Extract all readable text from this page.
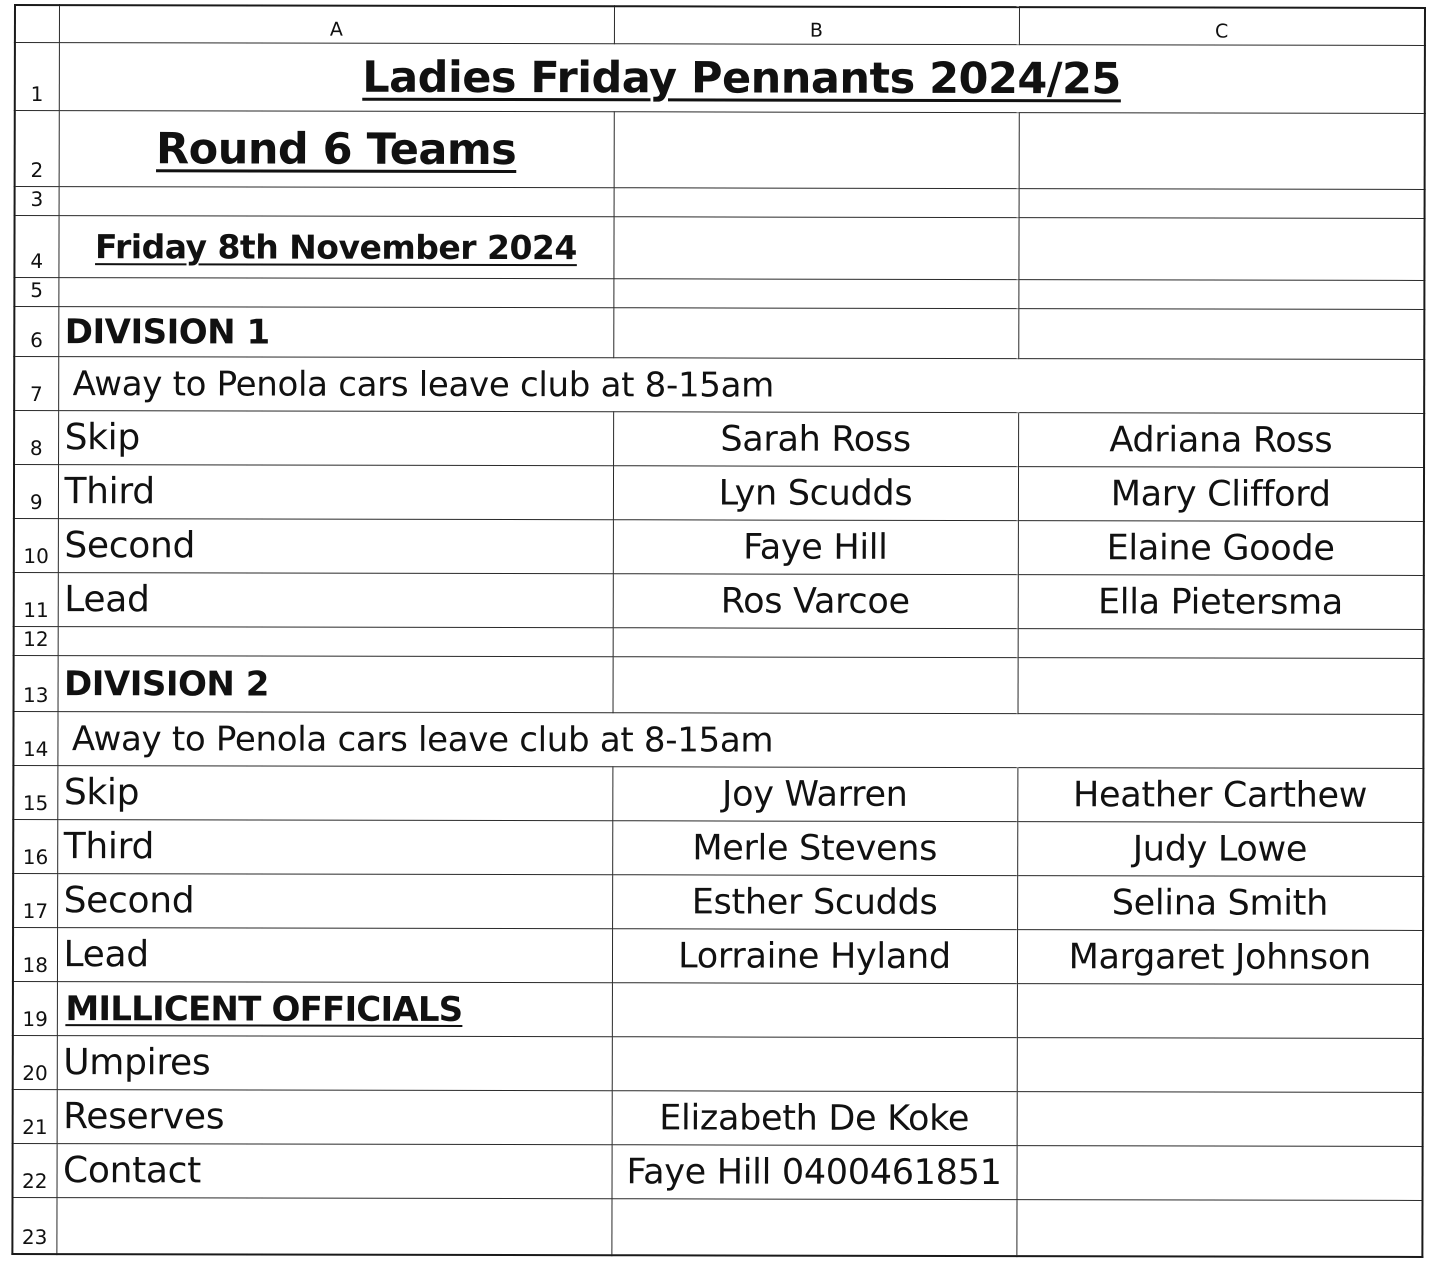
	A	B	C
1	Ladies Friday Pennants 2024/25		
2	Round 6 Teams		
3			
4	Friday 8th November 2024		
5			
6	DIVISION 1		
7	Away to Penola cars leave club at 8-15am		
8	Skip	Sarah Ross	Adriana Ross
9	Third	Lyn Scudds	Mary Clifford
10	Second	Faye Hill	Elaine Goode
11	Lead	Ros Varcoe	Ella Pietersma
12			
13	DIVISION 2		
14	Away to Penola cars leave club at 8-15am		
15	Skip	Joy Warren	Heather Carthew
16	Third	Merle Stevens	Judy Lowe
17	Second	Esther Scudds	Selina Smith
18	Lead	Lorraine Hyland	Margaret Johnson
19	MILLICENT OFFICIALS		
20	Umpires		
21	Reserves	Elizabeth De Koke	
22	Contact	Faye Hill 0400461851	
23			
